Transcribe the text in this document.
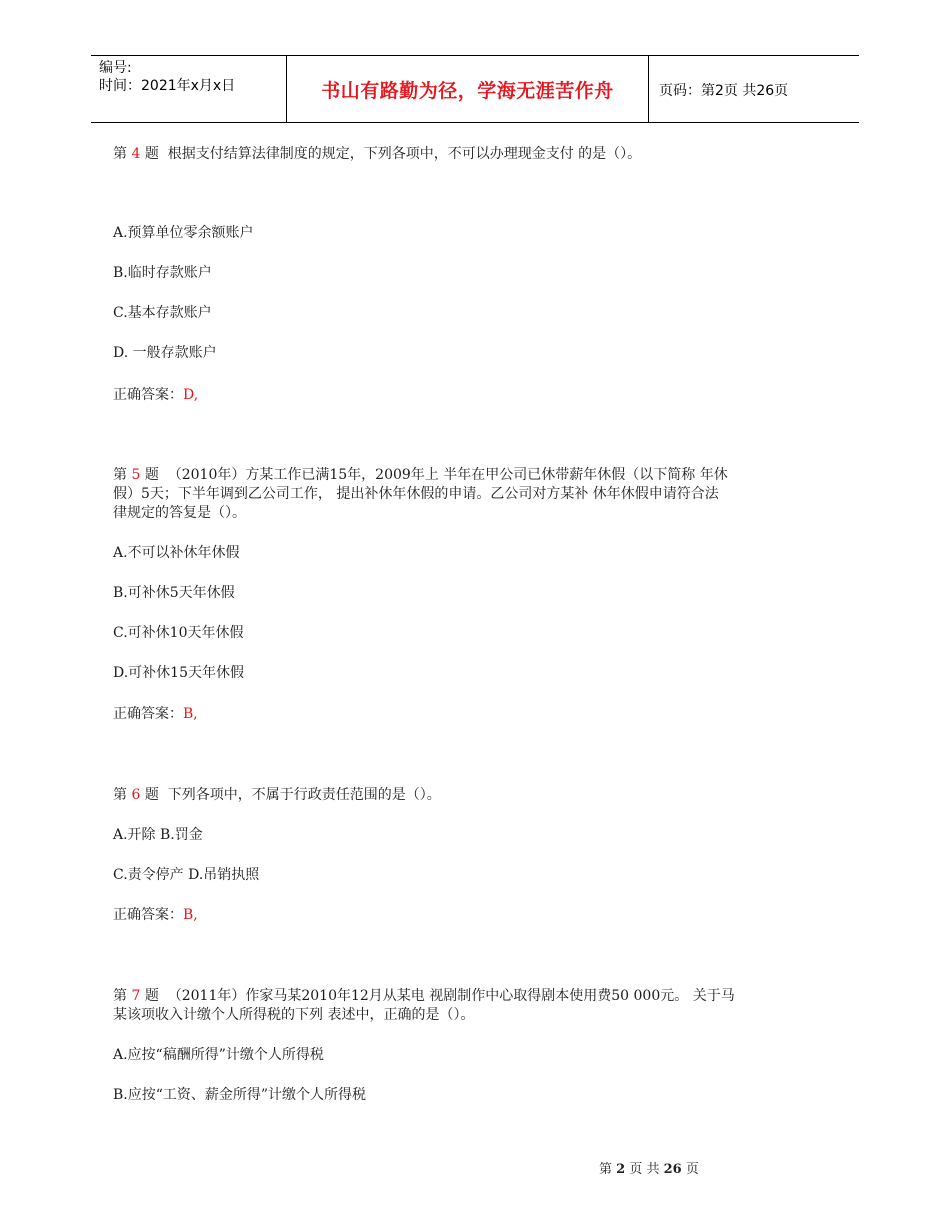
编号:
时间：2021年x月x日	书山有路勤为径，学海无涯苦作舟	页码：第2页 共26页
第 4 题 根据支付结算法律制度的规定，下列各项中，不可以办理现金支付 的是（）。
A.预算单位零余额账户
B.临时存款账户
C.基本存款账户
D. 一般存款账户
正确答案：D,
第 5 题 （2010年）方某工作已满15年，2009年上 半年在甲公司已休带薪年休假（以下简称 年休
假）5天；下半年调到乙公司工作， 提出补休年休假的申请。乙公司对方某补 休年休假申请符合法
律规定的答复是（）。
A.不可以补休年休假
B.可补休5天年休假
C.可补休10天年休假
D.可补休15天年休假
正确答案：B,
第 6 题 下列各项中，不属于行政责任范围的是（）。
A.开除 B.罚金
C.责令停产 D.吊销执照
正确答案：B,
第 7 题 （2011年）作家马某2010年12月从某电 视剧制作中心取得剧本使用费50 000元。 关于马
某该项收入计缴个人所得税的下列 表述中，正确的是（）。
A.应按“稿酬所得”计缴个人所得税
B.应按“工资、薪金所得”计缴个人所得税
第 2 页 共 26 页
